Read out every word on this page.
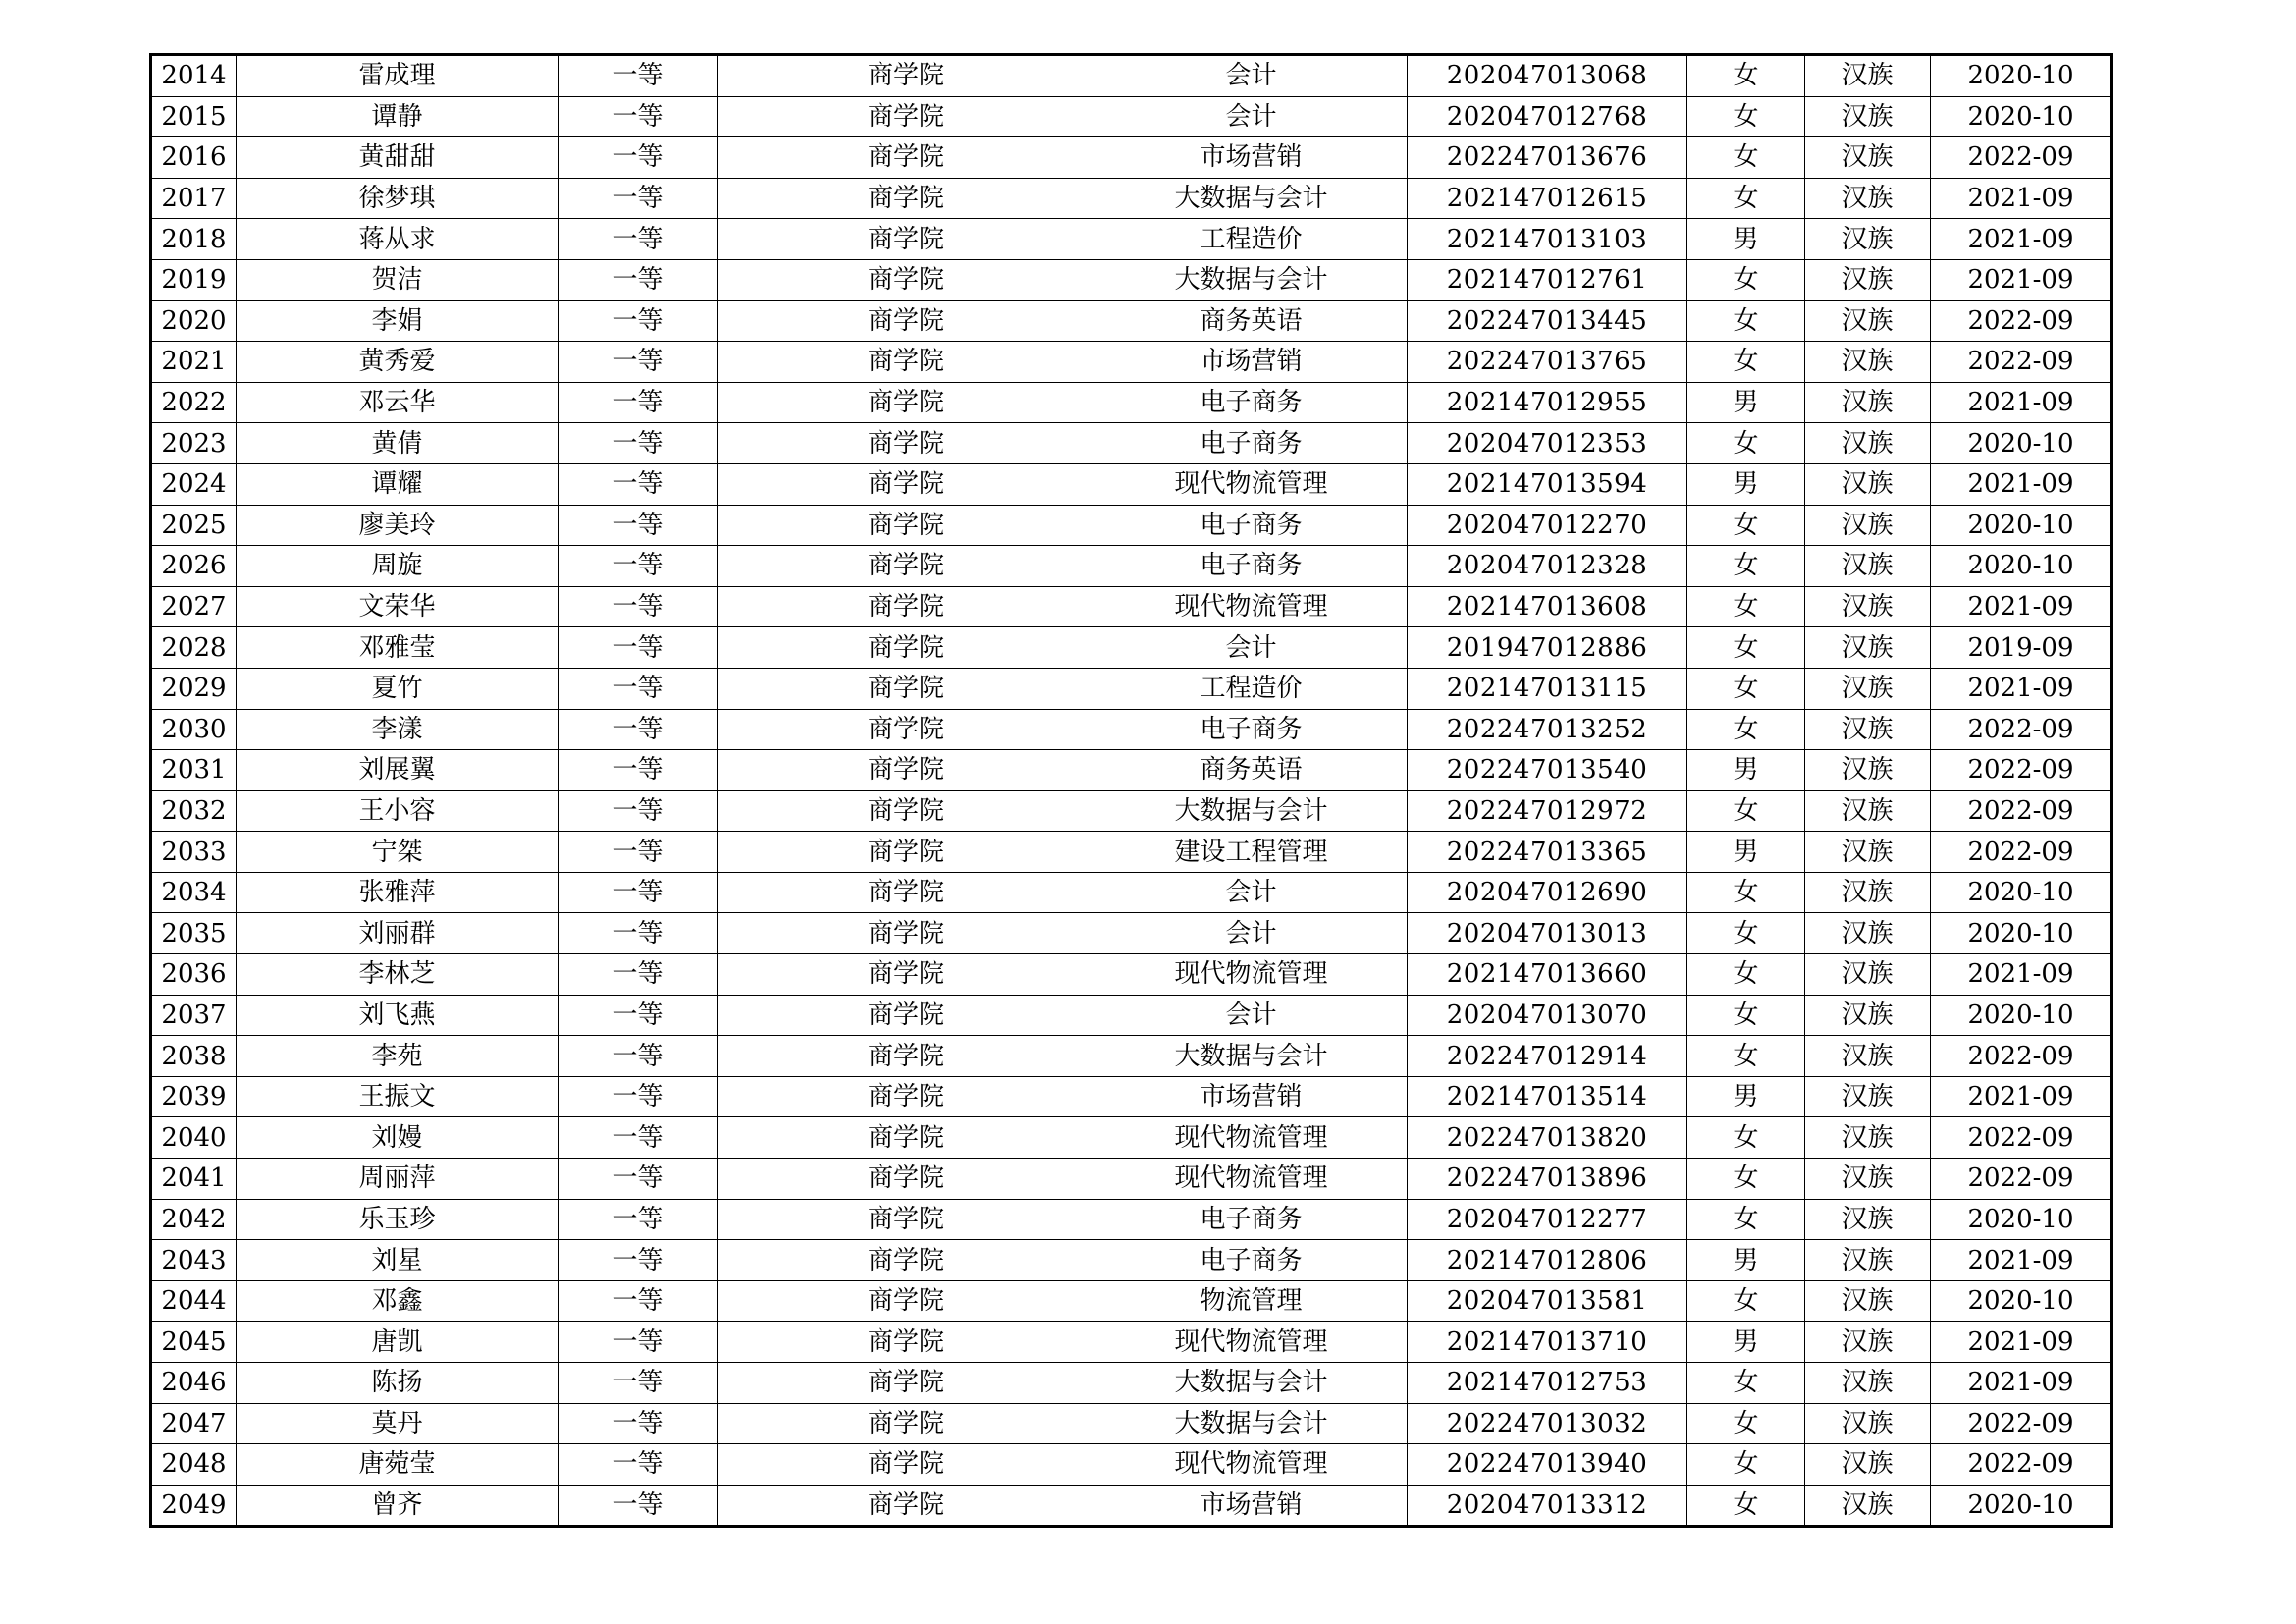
2014	雷成理	一等	商学院	会计	202047013068	女	汉族	2020-10
2015	谭静	一等	商学院	会计	202047012768	女	汉族	2020-10
2016	黄甜甜	一等	商学院	市场营销	202247013676	女	汉族	2022-09
2017	徐梦琪	一等	商学院	大数据与会计	202147012615	女	汉族	2021-09
2018	蒋从求	一等	商学院	工程造价	202147013103	男	汉族	2021-09
2019	贺洁	一等	商学院	大数据与会计	202147012761	女	汉族	2021-09
2020	李娟	一等	商学院	商务英语	202247013445	女	汉族	2022-09
2021	黄秀爱	一等	商学院	市场营销	202247013765	女	汉族	2022-09
2022	邓云华	一等	商学院	电子商务	202147012955	男	汉族	2021-09
2023	黄倩	一等	商学院	电子商务	202047012353	女	汉族	2020-10
2024	谭耀	一等	商学院	现代物流管理	202147013594	男	汉族	2021-09
2025	廖美玲	一等	商学院	电子商务	202047012270	女	汉族	2020-10
2026	周旋	一等	商学院	电子商务	202047012328	女	汉族	2020-10
2027	文荣华	一等	商学院	现代物流管理	202147013608	女	汉族	2021-09
2028	邓雅莹	一等	商学院	会计	201947012886	女	汉族	2019-09
2029	夏竹	一等	商学院	工程造价	202147013115	女	汉族	2021-09
2030	李漾	一等	商学院	电子商务	202247013252	女	汉族	2022-09
2031	刘展翼	一等	商学院	商务英语	202247013540	男	汉族	2022-09
2032	王小容	一等	商学院	大数据与会计	202247012972	女	汉族	2022-09
2033	宁桀	一等	商学院	建设工程管理	202247013365	男	汉族	2022-09
2034	张雅萍	一等	商学院	会计	202047012690	女	汉族	2020-10
2035	刘丽群	一等	商学院	会计	202047013013	女	汉族	2020-10
2036	李林芝	一等	商学院	现代物流管理	202147013660	女	汉族	2021-09
2037	刘飞燕	一等	商学院	会计	202047013070	女	汉族	2020-10
2038	李苑	一等	商学院	大数据与会计	202247012914	女	汉族	2022-09
2039	王振文	一等	商学院	市场营销	202147013514	男	汉族	2021-09
2040	刘嫚	一等	商学院	现代物流管理	202247013820	女	汉族	2022-09
2041	周丽萍	一等	商学院	现代物流管理	202247013896	女	汉族	2022-09
2042	乐玉珍	一等	商学院	电子商务	202047012277	女	汉族	2020-10
2043	刘星	一等	商学院	电子商务	202147012806	男	汉族	2021-09
2044	邓鑫	一等	商学院	物流管理	202047013581	女	汉族	2020-10
2045	唐凯	一等	商学院	现代物流管理	202147013710	男	汉族	2021-09
2046	陈扬	一等	商学院	大数据与会计	202147012753	女	汉族	2021-09
2047	莫丹	一等	商学院	大数据与会计	202247013032	女	汉族	2022-09
2048	唐菀莹	一等	商学院	现代物流管理	202247013940	女	汉族	2022-09
2049	曾齐	一等	商学院	市场营销	202047013312	女	汉族	2020-10
